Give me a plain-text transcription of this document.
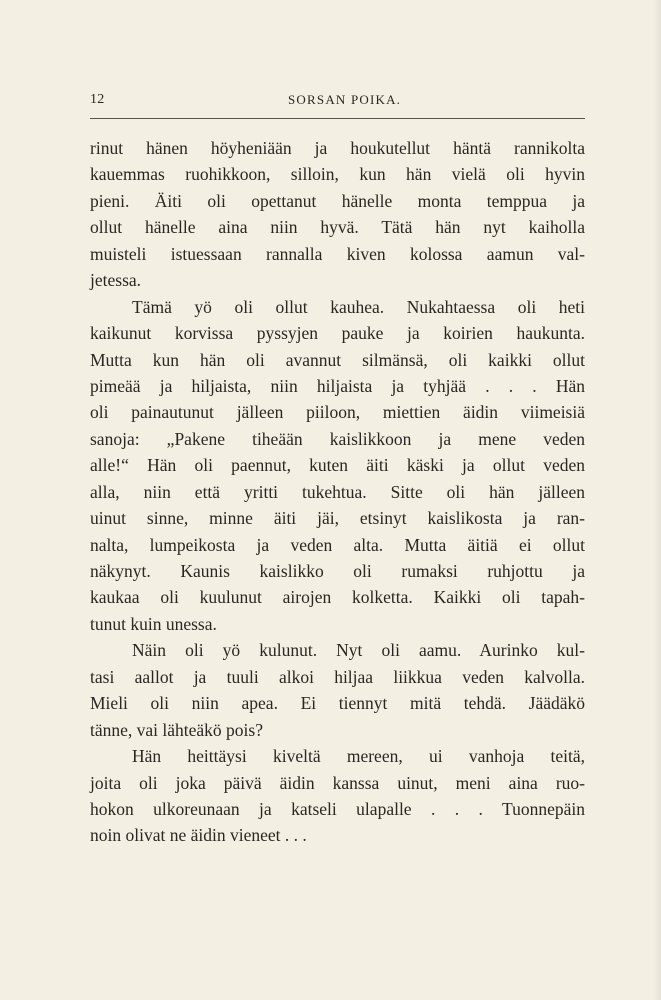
12	SORSAN POIKA.
rinut hänen höyheniään ja houkutellut häntä rannikolta
kauemmas ruohikkoon, silloin, kun hän vielä oli hyvin
pieni. Äiti oli opettanut hänelle monta temppua ja
ollut hänelle aina niin hyvä. Tätä hän nyt kaiholla
muisteli istuessaan rannalla kiven kolossa aamun val-
jetessa.
Tämä yö oli ollut kauhea. Nukahtaessa oli heti
kaikunut korvissa pyssyjen pauke ja koirien haukunta.
Mutta kun hän oli avannut silmänsä, oli kaikki ollut
pimeää ja hiljaista, niin hiljaista ja tyhjää . . . Hän
oli painautunut jälleen piiloon, miettien äidin viimeisiä
sanoja: „Pakene tiheään kaislikkoon ja mene veden
alle!“ Hän oli paennut, kuten äiti käski ja ollut veden
alla, niin että yritti tukehtua. Sitte oli hän jälleen
uinut sinne, minne äiti jäi, etsinyt kaislikosta ja ran-
nalta, lumpeikosta ja veden alta. Mutta äitiä ei ollut
näkynyt. Kaunis kaislikko oli rumaksi ruhjottu ja
kaukaa oli kuulunut airojen kolketta. Kaikki oli tapah-
tunut kuin unessa.
Näin oli yö kulunut. Nyt oli aamu. Aurinko kul-
tasi aallot ja tuuli alkoi hiljaa liikkua veden kalvolla.
Mieli oli niin apea. Ei tiennyt mitä tehdä. Jäädäkö
tänne, vai lähteäkö pois?
Hän heittäysi kiveltä mereen, ui vanhoja teitä,
joita oli joka päivä äidin kanssa uinut, meni aina ruo-
hokon ulkoreunaan ja katseli ulapalle . . . Tuonnepäin
noin olivat ne äidin vieneet . . .
